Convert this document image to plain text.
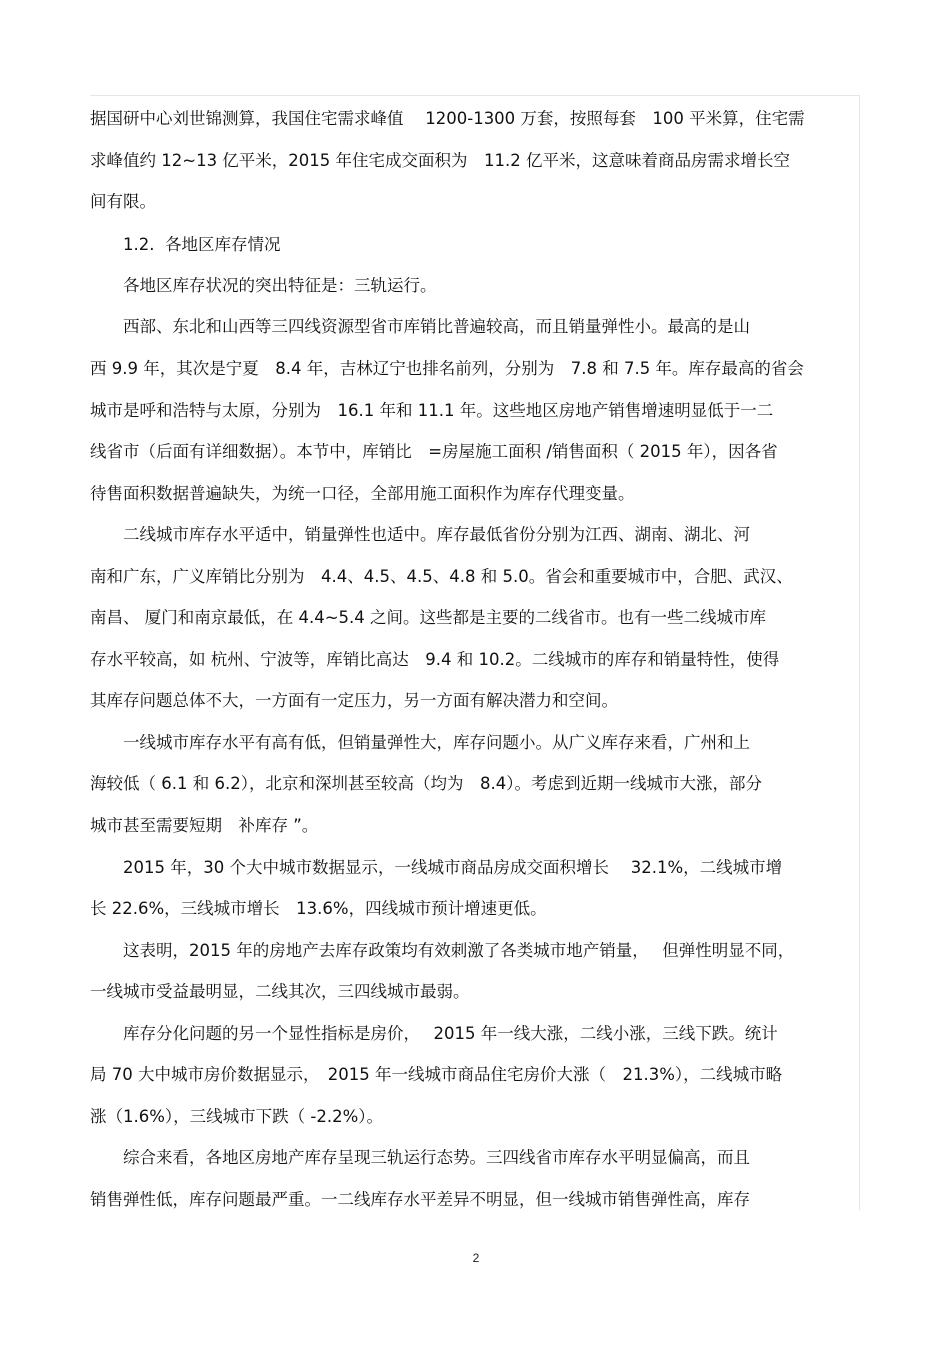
据国研中心刘世锦测算，我国住宅需求峰值　 1200-1300 万套，按照每套　100 平米算，住宅需
求峰值约 12~13 亿平米，2015 年住宅成交面积为　11.2 亿平米，这意味着商品房需求增长空
间有限。
　　1.2.  各地区库存情况
　　各地区库存状况的突出特征是：三轨运行。
　　西部、东北和山西等三四线资源型省市库销比普遍较高，而且销量弹性小。最高的是山
西 9.9 年，其次是宁夏　8.4 年，吉林辽宁也排名前列，分别为　7.8 和 7.5 年。库存最高的省会
城市是呼和浩特与太原，分别为　16.1 年和 11.1 年。这些地区房地产销售增速明显低于一二
线省市（后面有详细数据）。本节中，库销比　=房屋施工面积 /销售面积（ 2015 年），因各省
待售面积数据普遍缺失，为统一口径，全部用施工面积作为库存代理变量。
　　二线城市库存水平适中，销量弹性也适中。库存最低省份分别为江西、湖南、湖北、河
南和广东，广义库销比分别为　4.4、4.5、4.5、4.8 和 5.0。省会和重要城市中，合肥、武汉、
南昌、 厦门和南京最低，在 4.4~5.4 之间。这些都是主要的二线省市。也有一些二线城市库
存水平较高，如 杭州、宁波等，库销比高达　9.4 和 10.2。二线城市的库存和销量特性，使得
其库存问题总体不大，一方面有一定压力，另一方面有解决潜力和空间。
　　一线城市库存水平有高有低，但销量弹性大，库存问题小。从广义库存来看，广州和上
海较低（ 6.1 和 6.2），北京和深圳甚至较高（均为　8.4）。考虑到近期一线城市大涨，部分
城市甚至需要短期　补库存 ”。
　　2015 年，30 个大中城市数据显示，一线城市商品房成交面积增长　 32.1%，二线城市增
长 22.6%，三线城市增长　13.6%，四线城市预计增速更低。
　　这表明，2015 年的房地产去库存政策均有效刺激了各类城市地产销量，　 但弹性明显不同，
一线城市受益最明显，二线其次，三四线城市最弱。
　　库存分化问题的另一个显性指标是房价，　 2015 年一线大涨，二线小涨，三线下跌。统计
局 70 大中城市房价数据显示，　2015 年一线城市商品住宅房价大涨（　21.3%），二线城市略
涨（1.6%），三线城市下跌（ -2.2%）。
　　综合来看，各地区房地产库存呈现三轨运行态势。三四线省市库存水平明显偏高，而且
销售弹性低，库存问题最严重。一二线库存水平差异不明显，但一线城市销售弹性高，库存
2
